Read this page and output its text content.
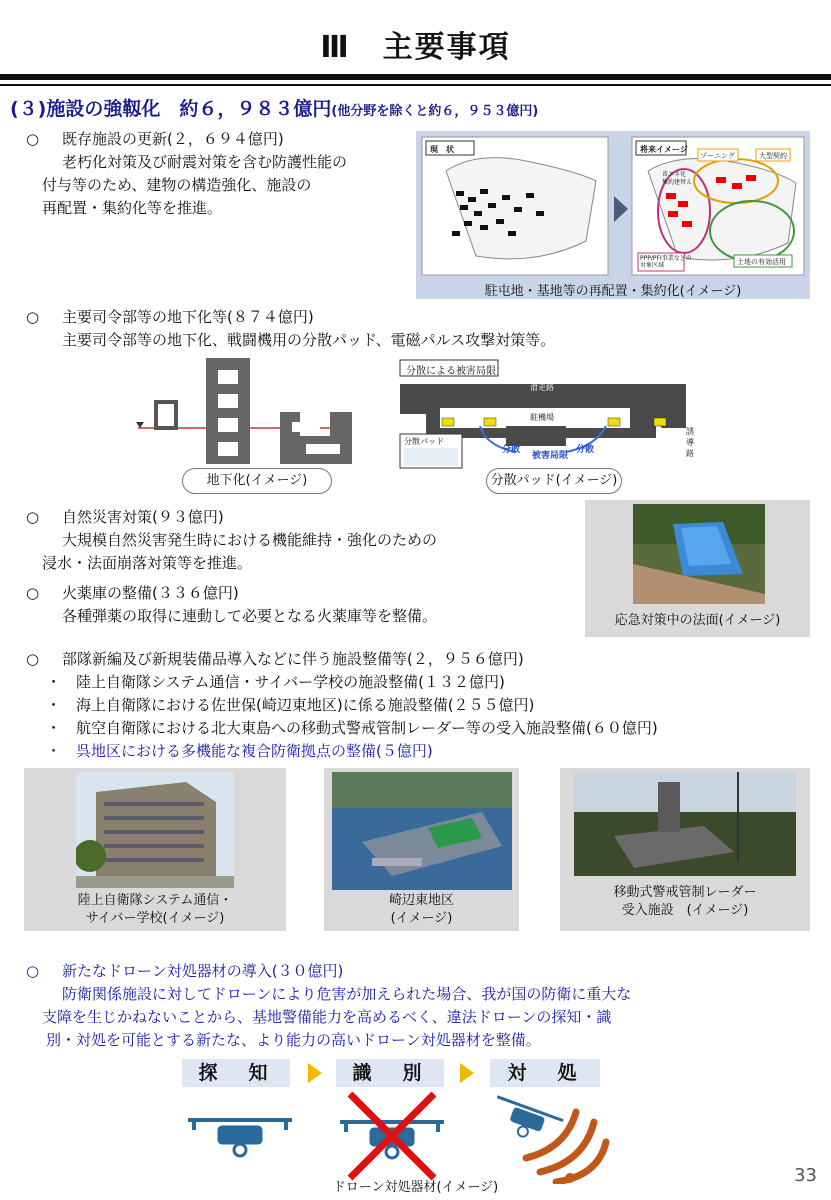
Ⅲ　主要事項
(３)施設の強靱化　約６，９８３億円(他分野を除くと約６，９５３億円)
○ 既存施設の更新(２，６９４億円)
老朽化対策及び耐震対策を含む防護性能の
付与等のため、建物の構造強化、施設の
再配置・集約化等を推進。
現　状	将来イメージ
ゾーニング	大型契約
省エネ化
集約建替え
PPP/PFI事業などの
対象区域	土地の有効活用
駐屯地・基地等の再配置・集約化(イメージ)
○ 主要司令部等の地下化等(８７４億円)
主要司令部等の地下化、戦闘機用の分散パッド、電磁パルス攻撃対策等。
地下化(イメージ)
分散による被害局限
滑走路
駐機場
誘導路
分散パッド
分散	分散
被害局限
分散パッド(イメージ)
○ 自然災害対策(９３億円)
大規模自然災害発生時における機能維持・強化のための
浸水・法面崩落対策等を推進。
○ 火薬庫の整備(３３６億円)
各種弾薬の取得に連動して必要となる火薬庫等を整備。	応急対策中の法面(イメージ)
○ 部隊新編及び新規装備品導入などに伴う施設整備等(２，９５６億円)
・　陸上自衛隊システム通信・サイバー学校の施設整備(１３２億円)
・　海上自衛隊における佐世保(崎辺東地区)に係る施設整備(２５５億円)
・　航空自衛隊における北大東島への移動式警戒管制レーダー等の受入施設整備(６０億円)
・　呉地区における多機能な複合防衛拠点の整備(５億円)
陸上自衛隊システム通信・
サイバー学校(イメージ)
崎辺東地区
(イメージ)
移動式警戒管制レーダー
受入施設　(イメージ)
○ 新たなドローン対処器材の導入(３０億円)
防衛関係施設に対してドローンにより危害が加えられた場合、我が国の防衛に重大な
支障を生じかねないことから、基地警備能力を高めるべく、違法ドローンの探知・識
別・対処を可能とする新たな、より能力の高いドローン対処器材を整備。
探　知	識　別	対　処
ドローン対処器材(イメージ)
33
